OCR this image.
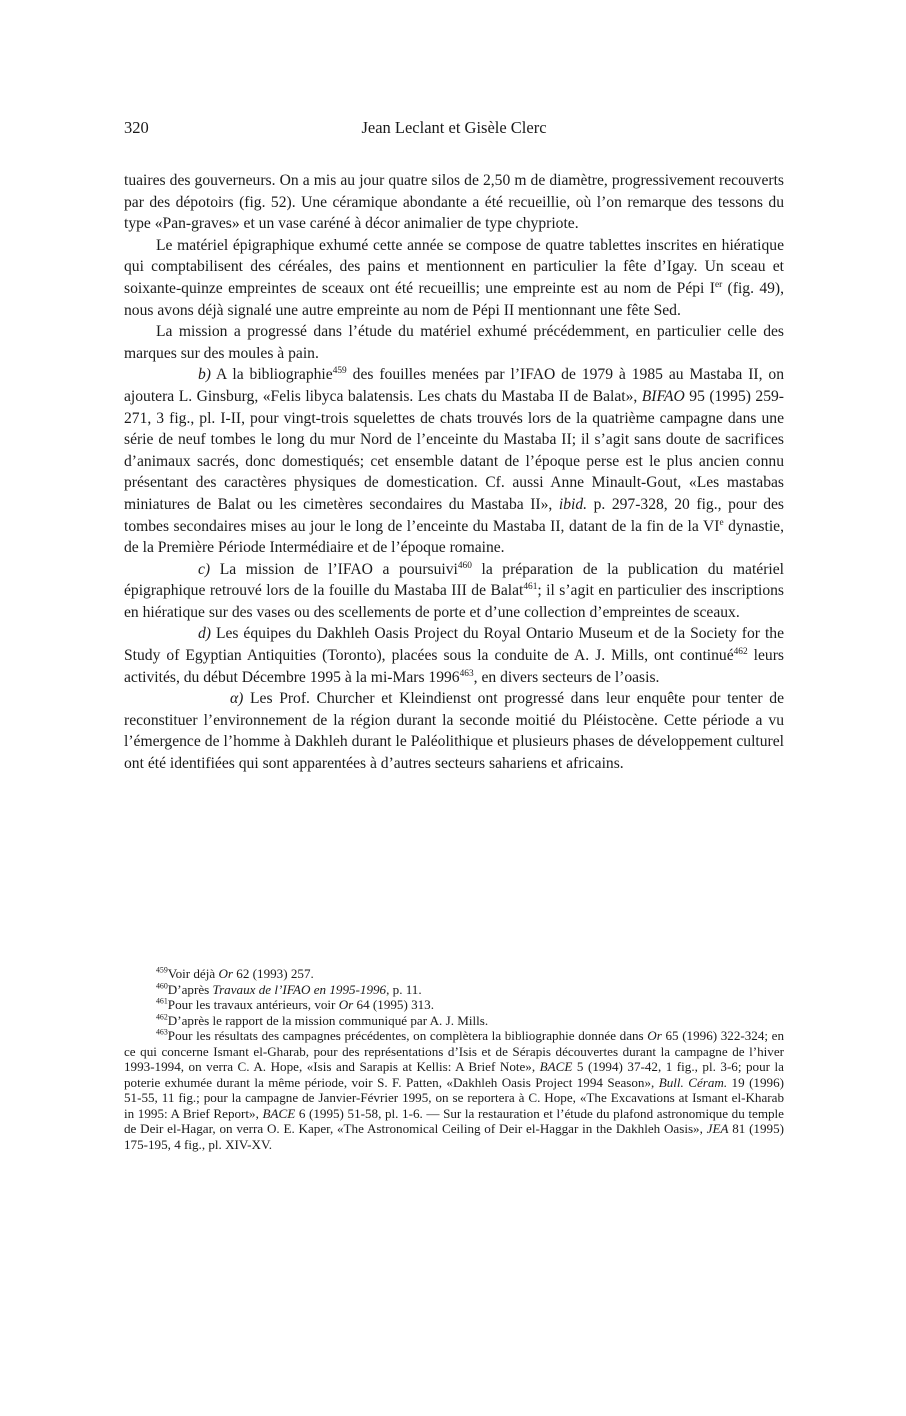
320	Jean Leclant et Gisèle Clerc

tuaires des gouverneurs. On a mis au jour quatre silos de 2,50 m de diamètre, progressivement recouverts par des dépotoirs (fig. 52). Une céramique abondante a été recueillie, où l’on remarque des tessons du type «Pan-graves» et un vase caréné à décor animalier de type chypriote.

Le matériel épigraphique exhumé cette année se compose de quatre tablettes inscrites en hiératique qui comptabilisent des céréales, des pains et mentionnent en particulier la fête d’Igay. Un sceau et soixante-quinze empreintes de sceaux ont été recueillis; une empreinte est au nom de Pépi Ier (fig. 49), nous avons déjà signalé une autre empreinte au nom de Pépi II mentionnant une fête Sed.

La mission a progressé dans l’étude du matériel exhumé précédemment, en particulier celle des marques sur des moules à pain.

b) A la bibliographie$^{459}$ des fouilles menées par l’IFAO de 1979 à 1985 au Mastaba II, on ajoutera L. Ginsburg, «Felis libyca balatensis. Les chats du Mastaba II de Balat», BIFAO 95 (1995) 259-271, 3 fig., pl. I-II, pour vingt-trois squelettes de chats trouvés lors de la quatrième campagne dans une série de neuf tombes le long du mur Nord de l’enceinte du Mastaba II; il s’agit sans doute de sacrifices d’animaux sacrés, donc domestiqués; cet ensemble datant de l’époque perse est le plus ancien connu présentant des caractères physiques de domestication. Cf. aussi Anne Minault-Gout, «Les mastabas miniatures de Balat ou les cimetères secondaires du Mastaba II», ibid. p. 297-328, 20 fig., pour des tombes secondaires mises au jour le long de l’enceinte du Mastaba II, datant de la fin de la VIe dynastie, de la Première Période Intermédiaire et de l’époque romaine.

c) La mission de l’IFAO a poursuivi$^{460}$ la préparation de la publication du matériel épigraphique retrouvé lors de la fouille du Mastaba III de Balat$^{461}$; il s’agit en particulier des inscriptions en hiératique sur des vases ou des scellements de porte et d’une collection d’empreintes de sceaux.

d) Les équipes du Dakhleh Oasis Project du Royal Ontario Museum et de la Society for the Study of Egyptian Antiquities (Toronto), placées sous la conduite de A. J. Mills, ont continué$^{462}$ leurs activités, du début Décembre 1995 à la mi-Mars 1996$^{463}$, en divers secteurs de l’oasis.

α) Les Prof. Churcher et Kleindienst ont progressé dans leur enquête pour tenter de reconstituer l’environnement de la région durant la seconde moitié du Pléistocène. Cette période a vu l’émergence de l’homme à Dakhleh durant le Paléolithique et plusieurs phases de développement culturel ont été identifiées qui sont apparentées à d’autres secteurs sahariens et africains.

$^{459}$Voir déjà Or 62 (1993) 257.

$^{460}$D’après Travaux de l’IFAO en 1995-1996, p. 11.

$^{461}$Pour les travaux antérieurs, voir Or 64 (1995) 313.

$^{462}$D’après le rapport de la mission communiqué par A. J. Mills.

$^{463}$Pour les résultats des campagnes précédentes, on complètera la bibliographie donnée dans Or 65 (1996) 322-324; en ce qui concerne Ismant el-Gharab, pour des représentations d’Isis et de Sérapis découvertes durant la campagne de l’hiver 1993-1994, on verra C. A. Hope, «Isis and Sarapis at Kellis: A Brief Note», BACE 5 (1994) 37-42, 1 fig., pl. 3-6; pour la poterie exhumée durant la même période, voir S. F. Patten, «Dakhleh Oasis Project 1994 Season», Bull. Céram. 19 (1996) 51-55, 11 fig.; pour la campagne de Janvier-Février 1995, on se reportera à C. Hope, «The Excavations at Ismant el-Kharab in 1995: A Brief Report», BACE 6 (1995) 51-58, pl. 1-6. — Sur la restauration et l’étude du plafond astronomique du temple de Deir el-Hagar, on verra O. E. Kaper, «The Astronomical Ceiling of Deir el-Haggar in the Dakhleh Oasis», JEA 81 (1995) 175-195, 4 fig., pl. XIV-XV.
